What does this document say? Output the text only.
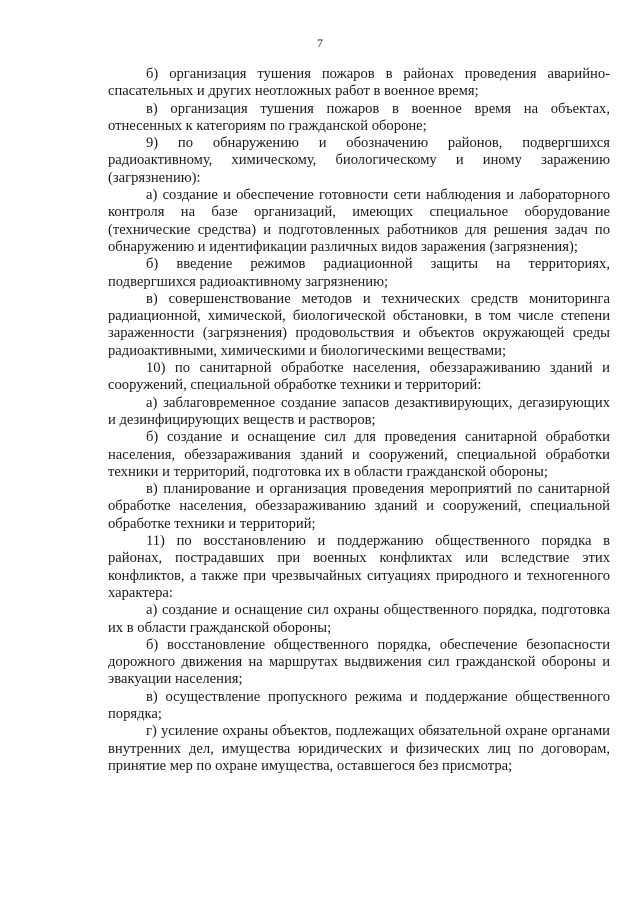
7

б) организация тушения пожаров в районах проведения аварийно-спасательных и других неотложных работ в военное время;

в) организация тушения пожаров в военное время на объектах, отнесенных к категориям по гражданской обороне;

9) по обнаружению и обозначению районов, подвергшихся радиоактивному, химическому, биологическому и иному заражению (загрязнению):

а) создание и обеспечение готовности сети наблюдения и лабораторного контроля на базе организаций, имеющих специальное оборудование (технические средства) и подготовленных работников для решения задач по обнаружению и идентификации различных видов заражения (загрязнения);

б) введение режимов радиационной защиты на территориях, подвергшихся радиоактивному загрязнению;

в) совершенствование методов и технических средств мониторинга радиационной, химической, биологической обстановки, в том числе степени зараженности (загрязнения) продовольствия и объектов окружающей среды радиоактивными, химическими и биологическими веществами;

10) по санитарной обработке населения, обеззараживанию зданий и сооружений, специальной обработке техники и территорий:

а) заблаговременное создание запасов дезактивирующих, дегазирующих и дезинфицирующих веществ и растворов;

б) создание и оснащение сил для проведения санитарной обработки населения, обеззараживания зданий и сооружений, специальной обработки техники и территорий, подготовка их в области гражданской обороны;

в) планирование и организация проведения мероприятий по санитарной обработке населения, обеззараживанию зданий и сооружений, специальной обработке техники и территорий;

11) по восстановлению и поддержанию общественного порядка в районах, пострадавших при военных конфликтах или вследствие этих конфликтов, а также при чрезвычайных ситуациях природного и техногенного характера:

а) создание и оснащение сил охраны общественного порядка, подготовка их в области гражданской обороны;

б) восстановление общественного порядка, обеспечение безопасности дорожного движения на маршрутах выдвижения сил гражданской обороны и эвакуации населения;

в) осуществление пропускного режима и поддержание общественного порядка;

г) усиление охраны объектов, подлежащих обязательной охране органами внутренних дел, имущества юридических и физических лиц по договорам, принятие мер по охране имущества, оставшегося без присмотра;
